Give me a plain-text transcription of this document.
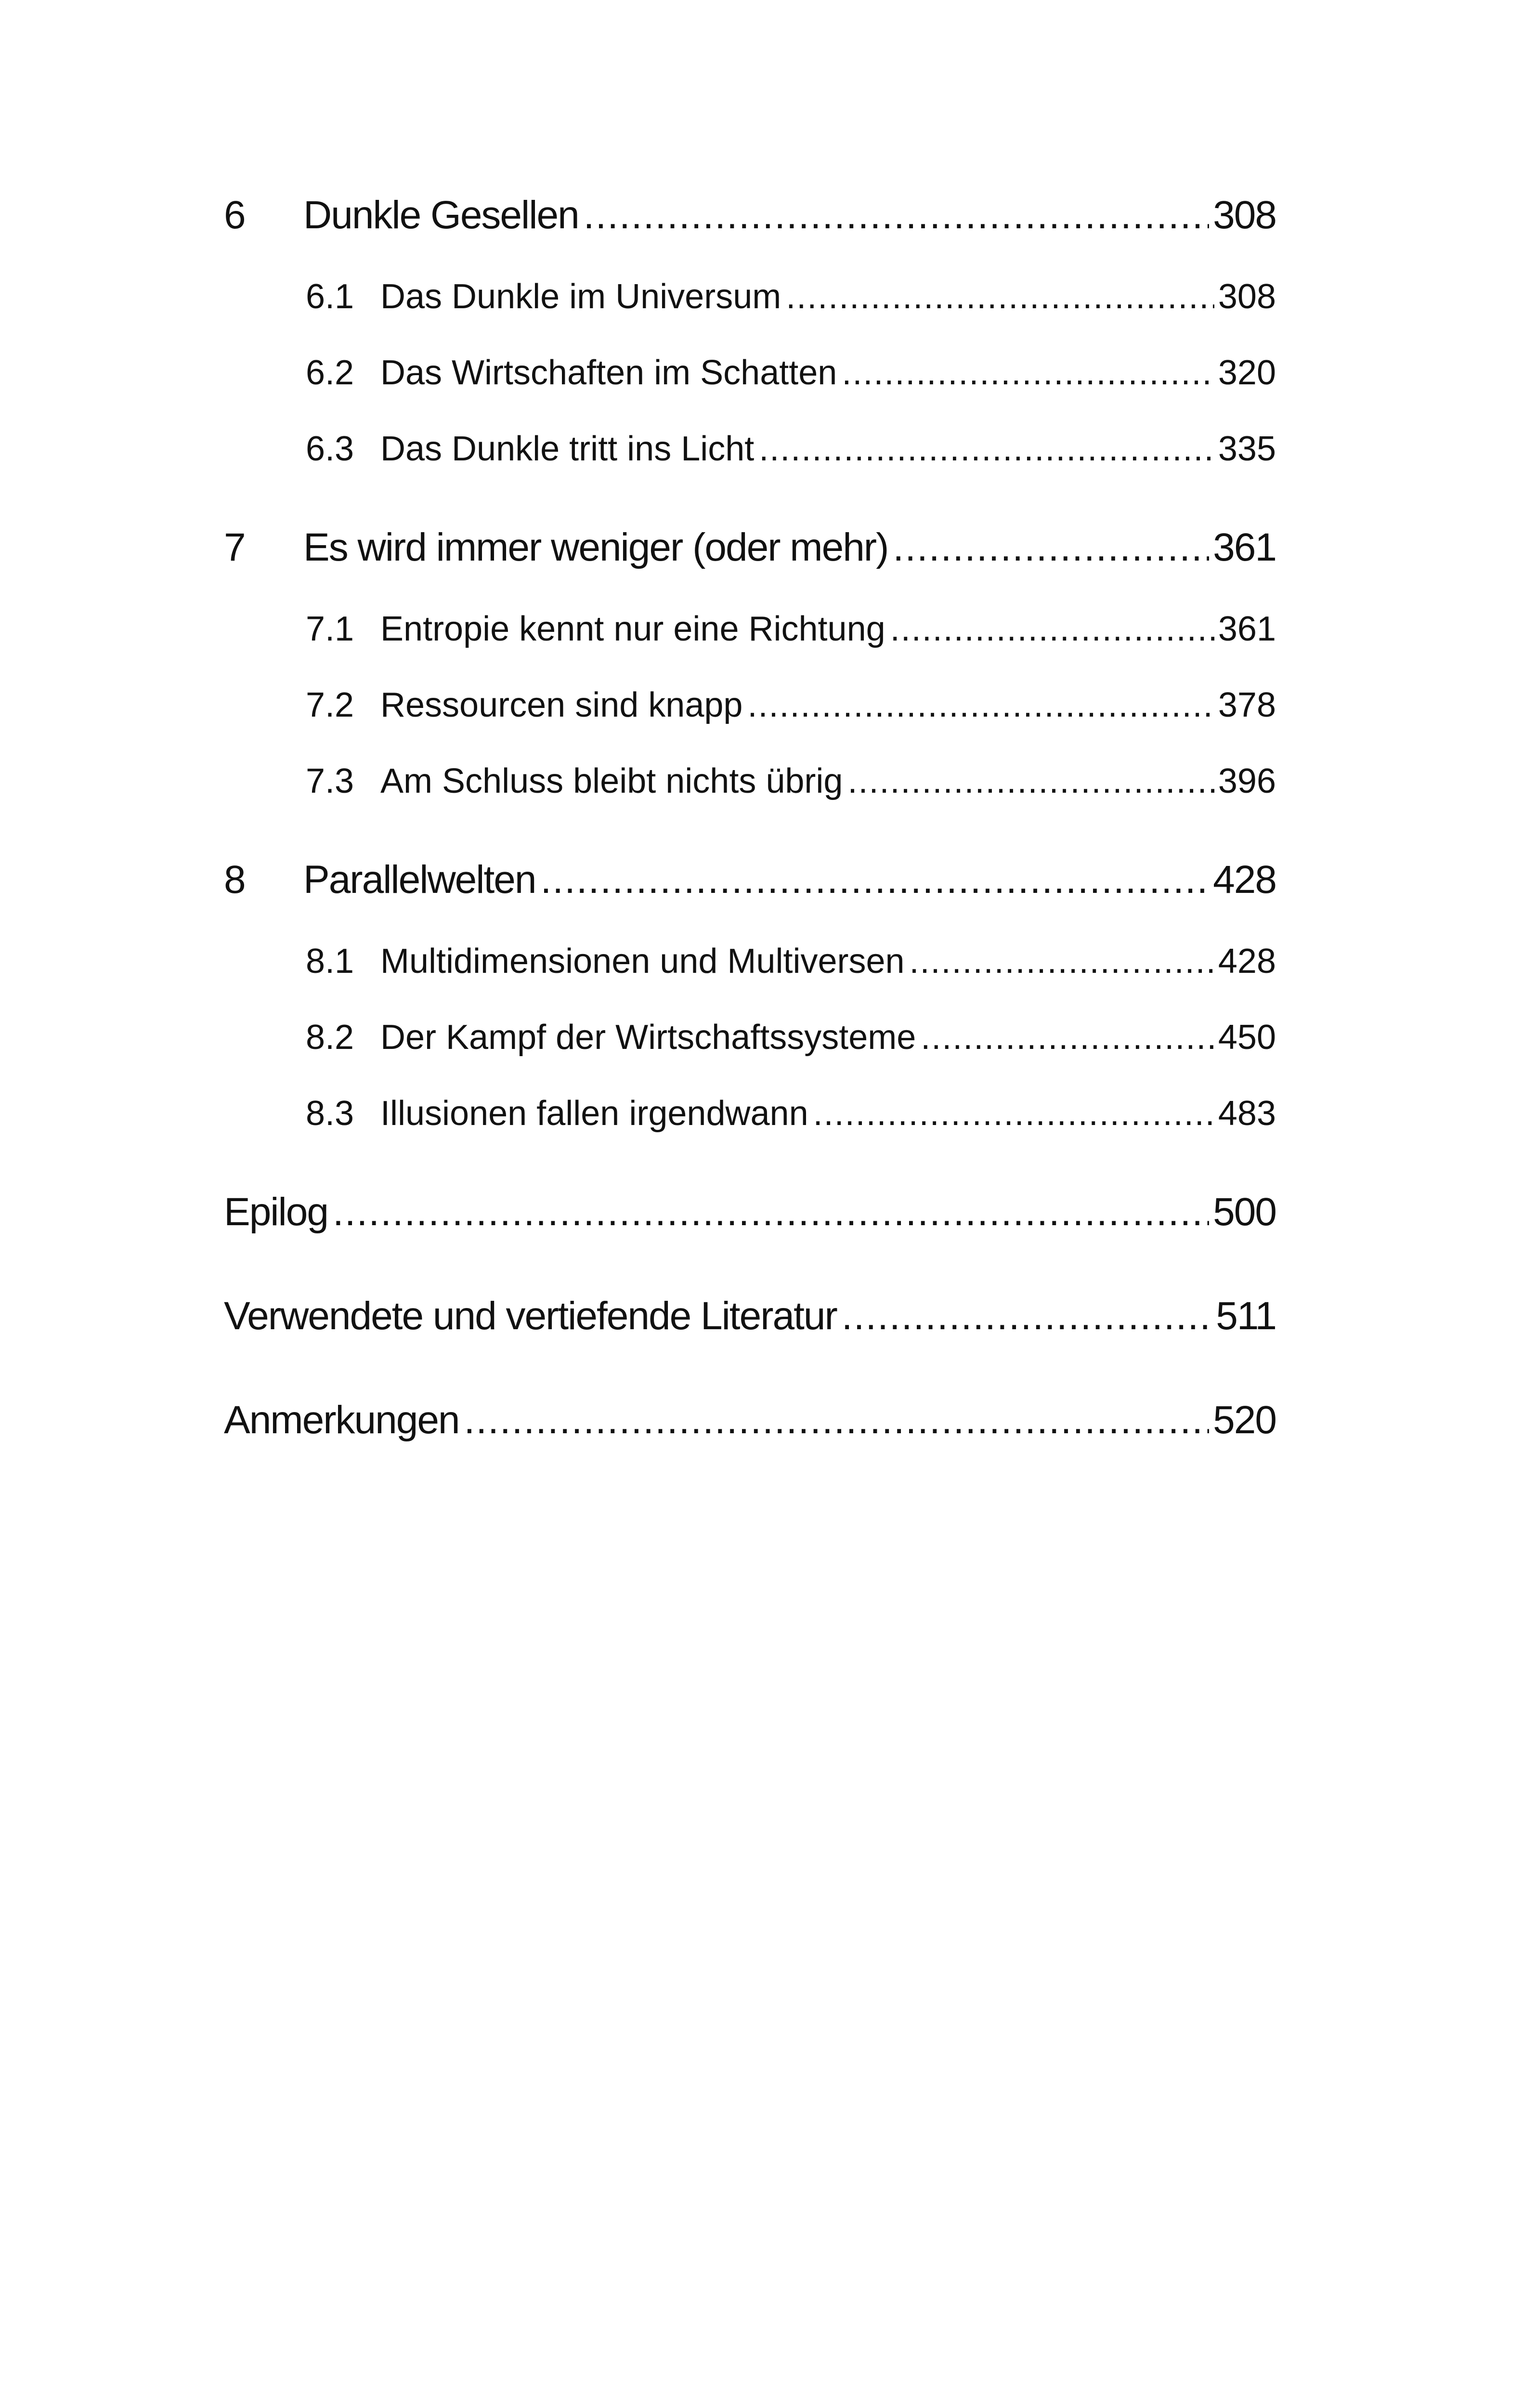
6	Dunkle Gesellen .....	308
6.1 Das Dunkle im Universum .....	308
6.2 Das Wirtschaften im Schatten .....	320
6.3 Das Dunkle tritt ins Licht .....	335
7	Es wird immer weniger (oder mehr) .....	361
7.1 Entropie kennt nur eine Richtung .....	361
7.2 Ressourcen sind knapp .....	378
7.3 Am Schluss bleibt nichts übrig .....	396
8	Parallelwelten .....	428
8.1 Multidimensionen und Multiversen .....	428
8.2 Der Kampf der Wirtschaftssysteme .....	450
8.3 Illusionen fallen irgendwann .....	483
Epilog .....	500
Verwendete und vertiefende Literatur .....	511
Anmerkungen .....	520
